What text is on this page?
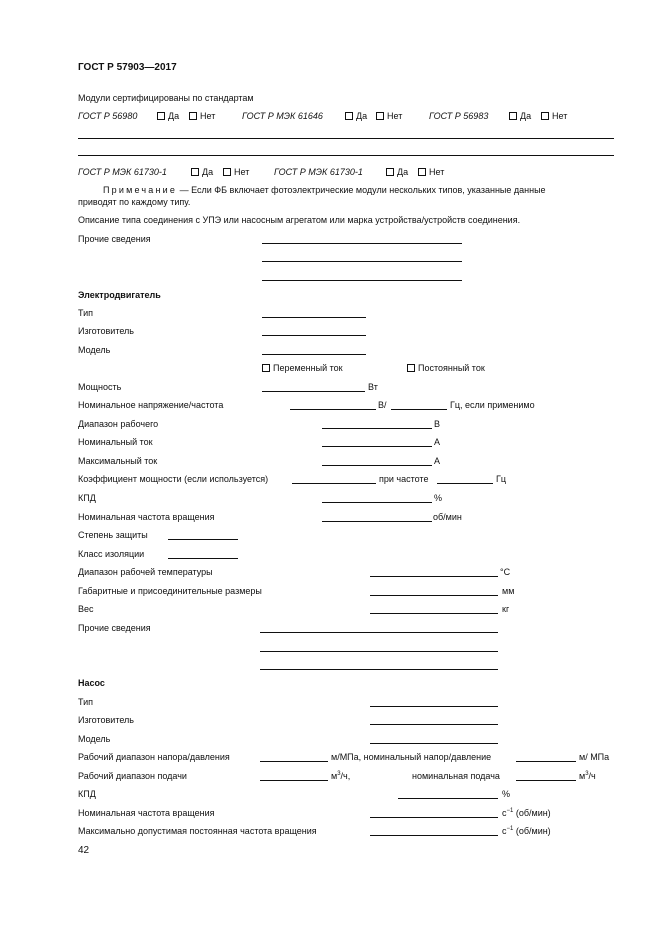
ГОСТ Р 57903—2017
Модули сертифицированы по стандартам
ГОСТ Р 56980	Да	Нет	ГОСТ Р МЭК 61646	Да	Нет	ГОСТ Р 56983	Да	Нет
ГОСТ Р МЭК 61730-1	Да	Нет	ГОСТ Р МЭК 61730-1	Да	Нет
Примечание — Если ФБ включает фотоэлектрические модули нескольких типов, указанные данные
приводят по каждому типу.
Описание типа соединения с УПЭ или насосным агрегатом или марка устройства/устройств соединения.
Прочие сведения
Электродвигатель
Тип
Изготовитель
Модель
Переменный ток	Постоянный ток
Мощность	Вт
Номинальное напряжение/частота	В/	Гц, если применимо
Диапазон рабочего	В
Номинальный ток	А
Максимальный ток	А
Коэффициент мощности (если используется)	при частоте	Гц
КПД	%
Номинальная частота вращения	об/мин
Степень защиты
Класс изоляции
Диапазон рабочей температуры	°С
Габаритные и присоединительные размеры	мм
Вес	кг
Прочие сведения
Насос
Тип
Изготовитель
Модель
Рабочий диапазон напора/давления	м/МПа, номинальный напор/давление	м/ МПа
Рабочий диапазон подачи	$м^3/ч$,	номинальная подача	$м^3/ч$
КПД	%
Номинальная частота вращения	$с^{-1}$ (об/мин)
Максимально допустимая постоянная частота вращения	$с^{-1}$ (об/мин)
42
